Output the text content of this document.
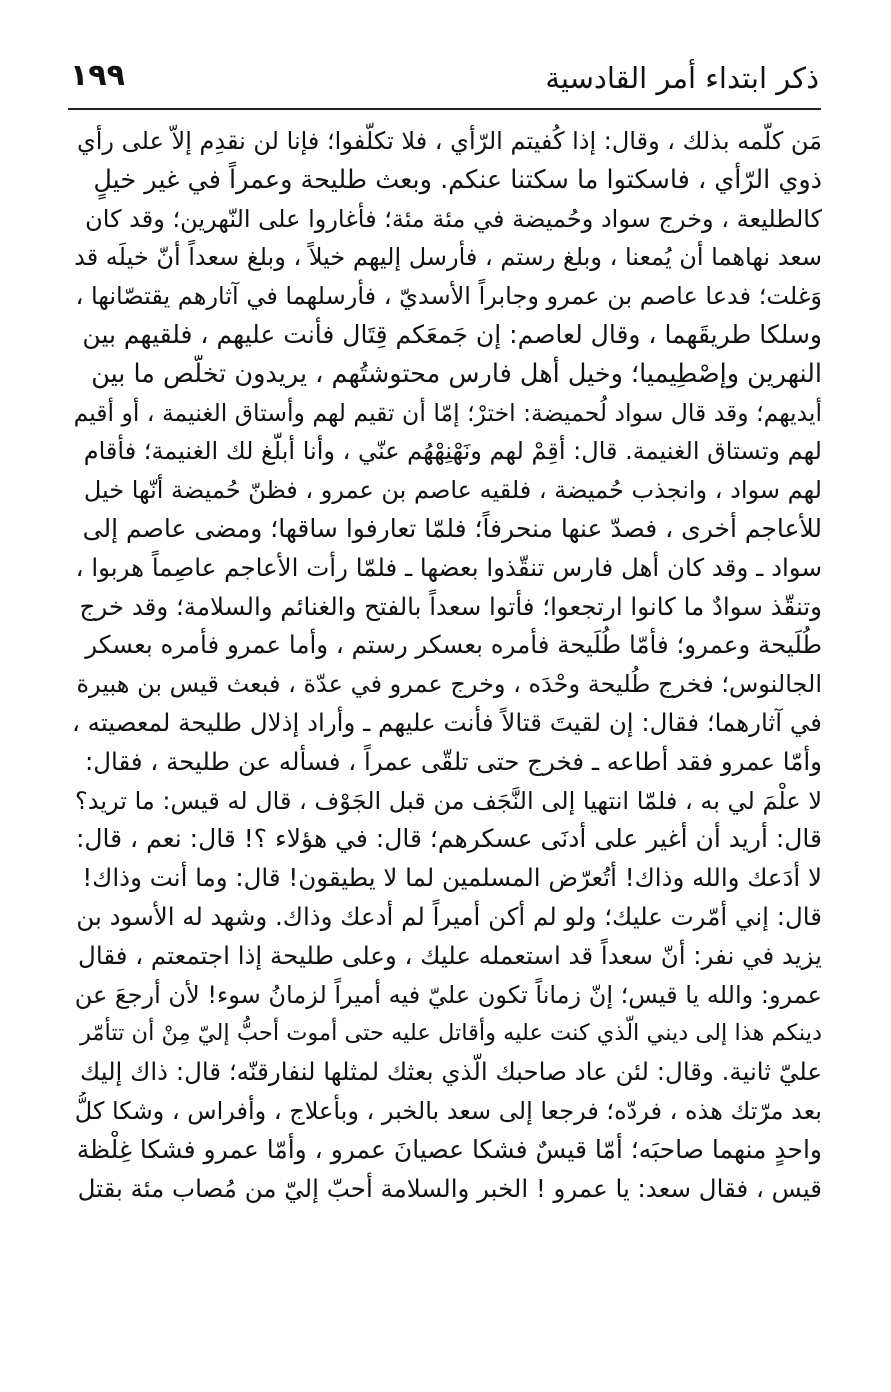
ذكر ابتداء أمر القادسية
١٩٩
مَن كلّمه بذلك ، وقال: إذا كُفيتم الرّأي ، فلا تكلّفوا؛ فإنا لن نقدِم إلاّ على رأي
ذوي الرّأي ، فاسكتوا ما سكتنا عنكم. وبعث طليحة وعمراً في غير خيلٍ
كالطليعة ، وخرج سواد وحُميضة في مئة مئة؛ فأغاروا على النّهرين؛ وقد كان
سعد نهاهما أن يُمعنا ، وبلغ رستم ، فأرسل إليهم خيلاً ، وبلغ سعداً أنّ خيلَه قد
وَغلت؛ فدعا عاصم بن عمرو وجابراً الأسديّ ، فأرسلهما في آثارهم يقتصّانها ،
وسلكا طريقَهما ، وقال لعاصم: إن جَمعَكم قِتَال فأنت عليهم ، فلقيهم بين
النهرين وإصْطِيميا؛ وخيل أهل فارس محتوشتُهم ، يريدون تخلُّص ما بين
أيديهم؛ وقد قال سواد لُحميضة: اخترْ؛ إمّا أن تقيم لهم وأستاق الغنيمة ، أو أقيم
لهم وتستاق الغنيمة. قال: أقِمْ لهم ونَهْنِهْهُم عنّي ، وأنا أبلّغ لك الغنيمة؛ فأقام
لهم سواد ، وانجذب حُميضة ، فلقيه عاصم بن عمرو ، فظنّ حُميضة أنّها خيل
للأعاجم أخرى ، فصدّ عنها منحرفاً؛ فلمّا تعارفوا ساقها؛ ومضى عاصم إلى
سواد ـ وقد كان أهل فارس تنقّذوا بعضها ـ فلمّا رأت الأعاجم عاصِماً هربوا ،
وتنقّذ سوادٌ ما كانوا ارتجعوا؛ فأتوا سعداً بالفتح والغنائم والسلامة؛ وقد خرج
طُلَيحة وعمرو؛ فأمّا طُلَيحة فأمره بعسكر رستم ، وأما عمرو فأمره بعسكر
الجالنوس؛ فخرج طُليحة وحْدَه ، وخرج عمرو في عدّة ، فبعث قيس بن هبيرة
في آثارهما؛ فقال: إن لقيتَ قتالاً فأنت عليهم ـ وأراد إذلال طليحة لمعصيته ،
وأمّا عمرو فقد أطاعه ـ فخرج حتى تلقّى عمراً ، فسأله عن طليحة ، فقال:
لا علْمَ لي به ، فلمّا انتهيا إلى النَّجَف من قبل الجَوْف ، قال له قيس: ما تريد؟
قال: أريد أن أغير على أدنَى عسكرهم؛ قال: في هؤلاء ؟! قال: نعم ، قال:
لا أدَعك والله وذاك! أتُعرّض المسلمين لما لا يطيقون! قال: وما أنت وذاك!
قال: إني أمّرت عليك؛ ولو لم أكن أميراً لم أدعك وذاك. وشهد له الأسود بن
يزيد في نفر: أنّ سعداً قد استعمله عليك ، وعلى طليحة إذا اجتمعتم ، فقال
عمرو: والله يا قيس؛ إنّ زماناً تكون عليّ فيه أميراً لزمانُ سوء! لأن أرجعَ عن
دينكم هذا إلى ديني الّذي كنت عليه وأقاتل عليه حتى أموت أحبُّ إليّ مِنْ أن تتأمّر
عليّ ثانية. وقال: لئن عاد صاحبك الّذي بعثك لمثلها لنفارقنّه؛ قال: ذاك إليك
بعد مرّتك هذه ، فردّه؛ فرجعا إلى سعد بالخبر ، وبأعلاج ، وأفراس ، وشكا كلُّ
واحدٍ منهما صاحبَه؛ أمّا قيسٌ فشكا عصيانَ عمرو ، وأمّا عمرو فشكا غِلْظة
قيس ، فقال سعد: يا عمرو ! الخبر والسلامة أحبّ إليّ من مُصاب مئة بقتل
